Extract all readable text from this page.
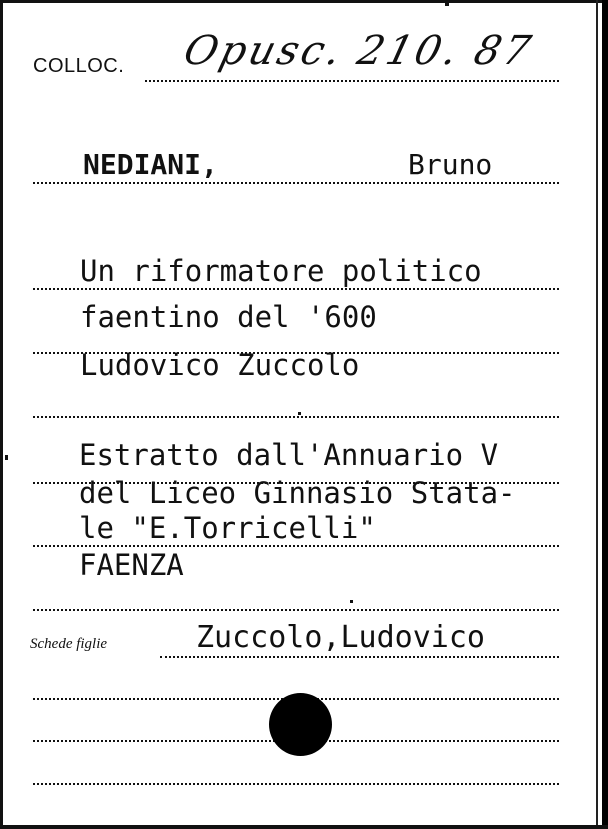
COLLOC. Opusc. 210. 87
NEDIANI,	Bruno
Un riformatore politico
faentino del '600
Ludovico Zuccolo
Estratto dall'Annuario V
del Liceo Ginnasio Stata-
le "E.Torricelli"
FAENZA
Schede figlie	Zuccolo,Ludovico
